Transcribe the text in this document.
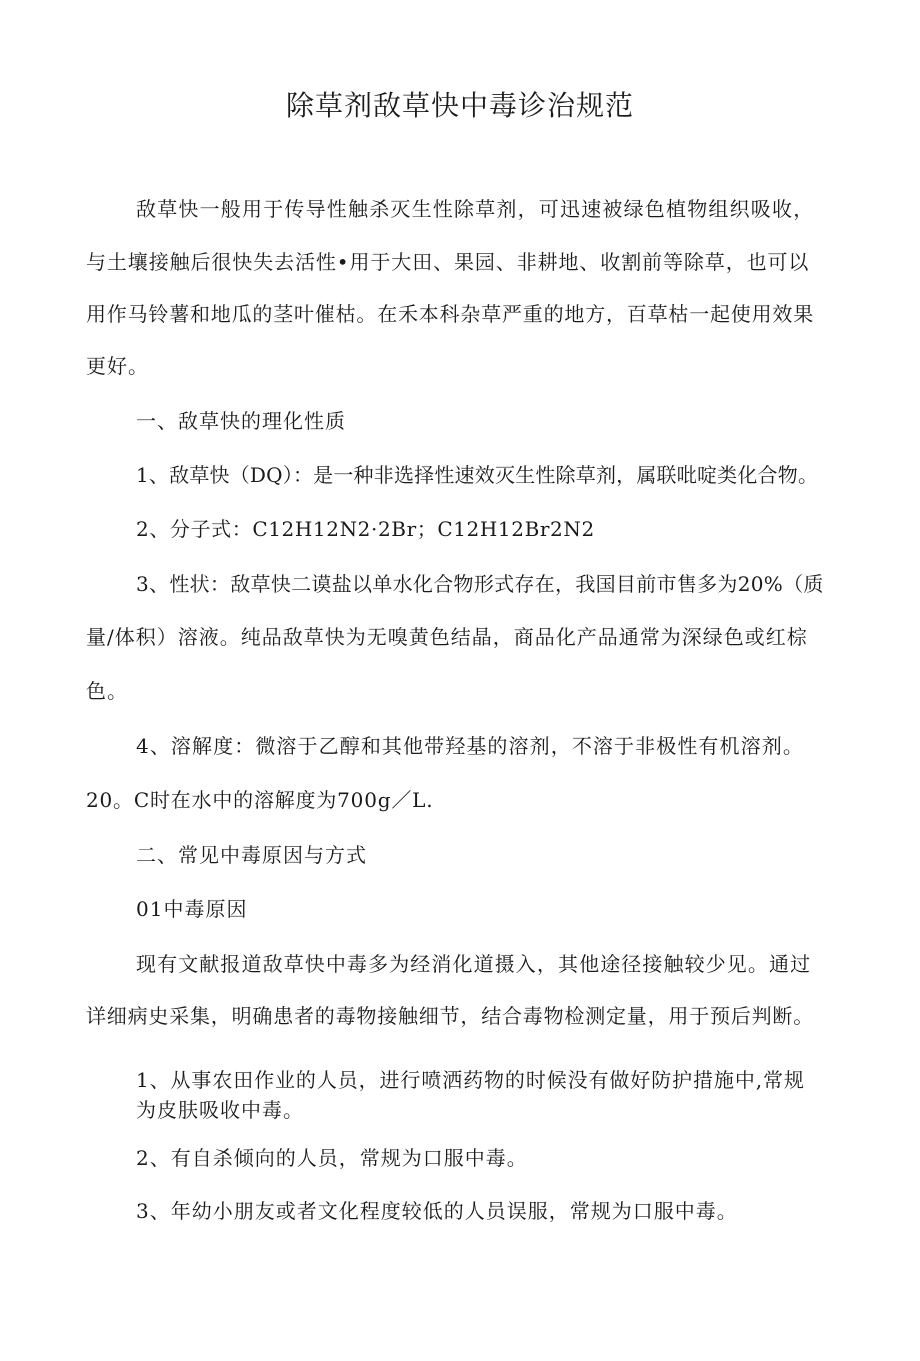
除草剂敌草快中毒诊治规范

敌草快一般用于传导性触杀灭生性除草剂，可迅速被绿色植物组织吸收，

与土壤接触后很快失去活性•用于大田、果园、非耕地、收割前等除草，也可以

用作马铃薯和地瓜的茎叶催枯。在禾本科杂草严重的地方，百草枯一起使用效果

更好。

一、敌草快的理化性质

1、敌草快（DQ）：是一种非选择性速效灭生性除草剂，属联吡啶类化合物。

2、分子式：C12H12N2·2Br；C12H12Br2N2

3、性状：敌草快二谟盐以单水化合物形式存在，我国目前市售多为20%（质

量/体积）溶液。纯品敌草快为无嗅黄色结晶，商品化产品通常为深绿色或红棕

色。

4、溶解度：微溶于乙醇和其他带羟基的溶剂，不溶于非极性有机溶剂。

20。C时在水中的溶解度为700g／L.

二、常见中毒原因与方式

01中毒原因

现有文献报道敌草快中毒多为经消化道摄入，其他途径接触较少见。通过

详细病史采集，明确患者的毒物接触细节，结合毒物检测定量，用于预后判断。

1、从事农田作业的人员，进行喷洒药物的时候没有做好防护措施中,常规

为皮肤吸收中毒。

2、有自杀倾向的人员，常规为口服中毒。

3、年幼小朋友或者文化程度较低的人员误服，常规为口服中毒。
